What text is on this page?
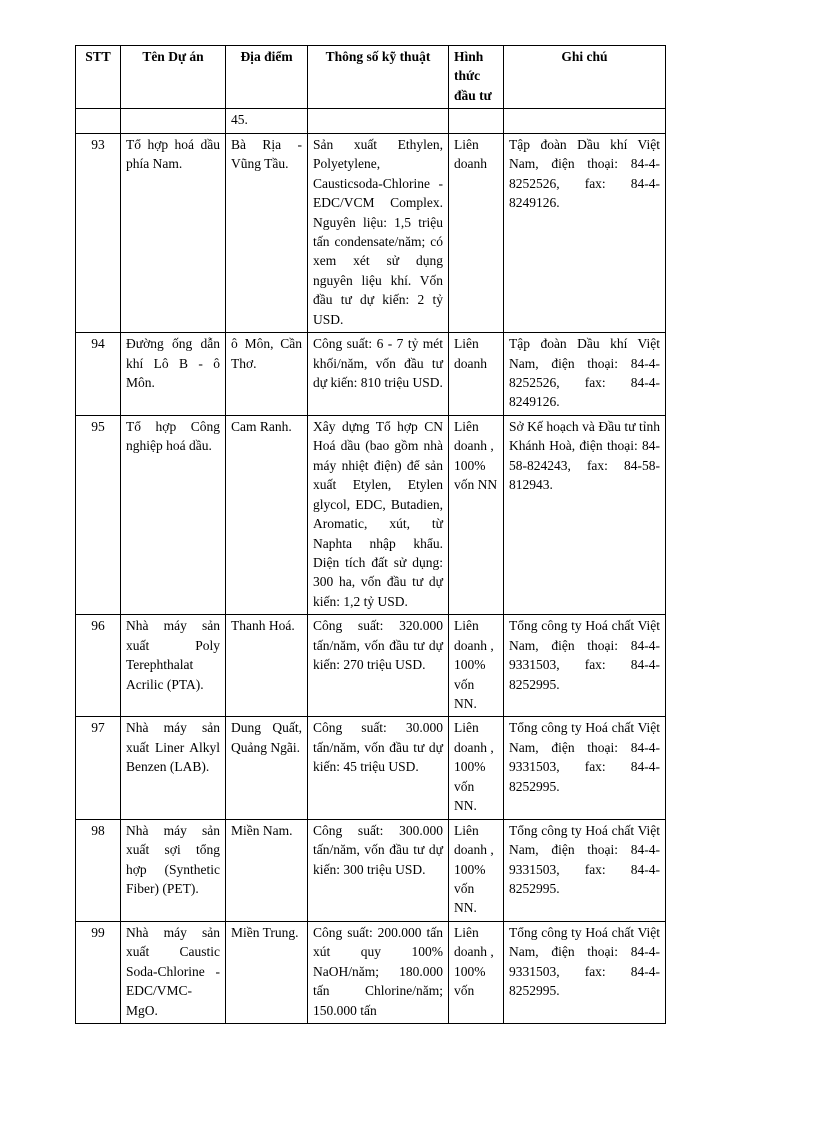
STT	Tên Dự án	Địa điểm	Thông số kỹ thuật	Hình thức đầu tư	Ghi chú
		45.			
93	Tổ hợp hoá dầu phía Nam.	Bà Rịa - Vũng Tầu.	Sản xuất Ethylen, Polyetylene, Causticsoda-Chlorine -EDC/VCM Complex. Nguyên liệu: 1,5 triệu tấn condensate/năm; có xem xét sử dụng nguyên liệu khí. Vốn đầu tư dự kiến: 2 tỷ USD.	Liên doanh	Tập đoàn Dầu khí Việt Nam, điện thoại: 84-4-8252526, fax: 84-4-8249126.
94	Đường ống dẫn khí Lô B - ô Môn.	ô Môn, Cần Thơ.	Công suất: 6 - 7 tỷ mét khối/năm, vốn đầu tư dự kiến: 810 triệu USD.	Liên doanh	Tập đoàn Dầu khí Việt Nam, điện thoại: 84-4-8252526, fax: 84-4-8249126.
95	Tổ hợp Công nghiệp hoá dầu.	Cam Ranh.	Xây dựng Tổ hợp CN Hoá dầu (bao gồm nhà máy nhiệt điện) để sản xuất Etylen, Etylen glycol, EDC, Butadien, Aromatic, xút, từ Naphta nhập khẩu. Diện tích đất sử dụng: 300 ha, vốn đầu tư dự kiến: 1,2 tỷ USD.	Liên doanh , 100% vốn NN	Sở Kế hoạch và Đầu tư tỉnh Khánh Hoà, điện thoại: 84-58-824243, fax: 84-58-812943.
96	Nhà máy sản xuất Poly Terephthalat Acrilic (PTA).	Thanh Hoá.	Công suất: 320.000 tấn/năm, vốn đầu tư dự kiến: 270 triệu USD.	Liên doanh , 100% vốn NN.	Tổng công ty Hoá chất Việt Nam, điện thoại: 84-4-9331503, fax: 84-4-8252995.
97	Nhà máy sản xuất Liner Alkyl Benzen (LAB).	Dung Quất, Quảng Ngãi.	Công suất: 30.000 tấn/năm, vốn đầu tư dự kiến: 45 triệu USD.	Liên doanh , 100% vốn NN.	Tổng công ty Hoá chất Việt Nam, điện thoại: 84-4-9331503, fax: 84-4-8252995.
98	Nhà máy sản xuất sợi tổng hợp (Synthetic Fiber) (PET).	Miền Nam.	Công suất: 300.000 tấn/năm, vốn đầu tư dự kiến: 300 triệu USD.	Liên doanh , 100% vốn NN.	Tổng công ty Hoá chất Việt Nam, điện thoại: 84-4-9331503, fax: 84-4-8252995.
99	Nhà máy sản xuất Caustic Soda-Chlorine -EDC/VMC- MgO.	Miền Trung.	Công suất: 200.000 tấn xút quy 100% NaOH/năm; 180.000 tấn Chlorine/năm; 150.000 tấn	Liên doanh , 100% vốn	Tổng công ty Hoá chất Việt Nam, điện thoại: 84-4-9331503, fax: 84-4-8252995.
